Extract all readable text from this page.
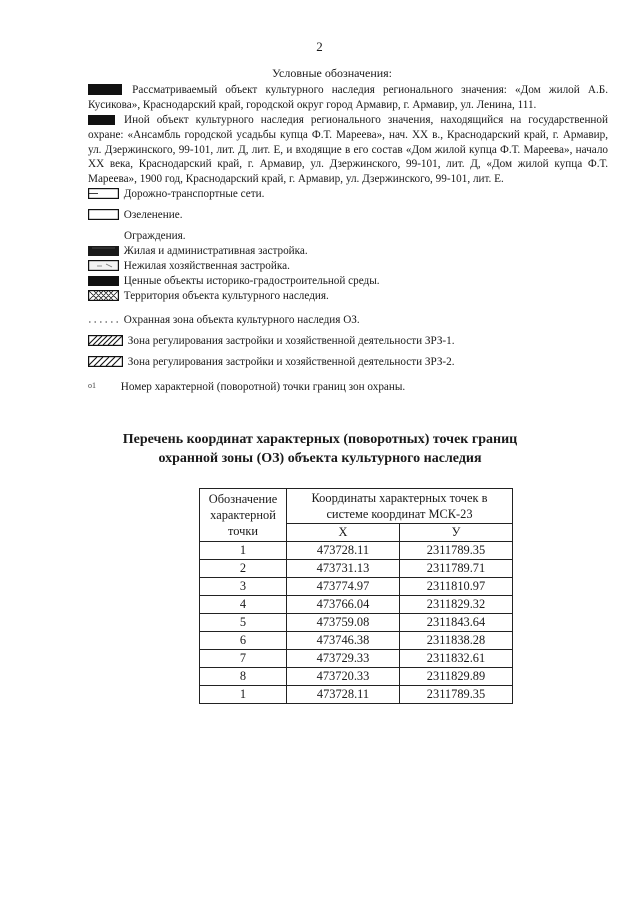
2
Условные обозначения:

Рассматриваемый объект культурного наследия регионального значения: «Дом жилой А.Б. Кусикова», Краснодарский край, городской округ город Армавир, г. Армавир, ул. Ленина, 111.

Иной объект культурного наследия регионального значения, находящийся на государственной охране: «Ансамбль городской усадьбы купца Ф.Т. Мареева», нач. XX в., Краснодарский край, г. Армавир, ул. Дзержинского, 99-101, лит. Д, лит. Е, и входящие в его состав «Дом жилой купца Ф.Т. Мареева», начало XX века, Краснодарский край, г. Армавир, ул. Дзержинского, 99-101, лит. Д, «Дом жилой купца Ф.Т. Мареева», 1900 год, Краснодарский край, г. Армавир, ул. Дзержинского, 99-101, лит. Е.

Дорожно-транспортные сети.

Озеленение.

Ограждения.

Жилая и административная застройка.

Нежилая хозяйственная застройка.

Ценные объекты историко-градостроительной среды.

Территория объекта культурного наследия.

Охранная зона объекта культурного наследия ОЗ.

Зона регулирования застройки и хозяйственной деятельности ЗРЗ-1.

Зона регулирования застройки и хозяйственной деятельности ЗРЗ-2.

о1 Номер характерной (поворотной) точки границ зон охраны.

Перечень координат характерных (поворотных) точек границ охранной зоны (ОЗ) объекта культурного наследия
Обозначение характерной точки	Координаты характерных точек в системе координат МСК-23	
	X	У
1	473728.11	2311789.35
2	473731.13	2311789.71
3	473774.97	2311810.97
4	473766.04	2311829.32
5	473759.08	2311843.64
6	473746.38	2311838.28
7	473729.33	2311832.61
8	473720.33	2311829.89
1	473728.11	2311789.35
